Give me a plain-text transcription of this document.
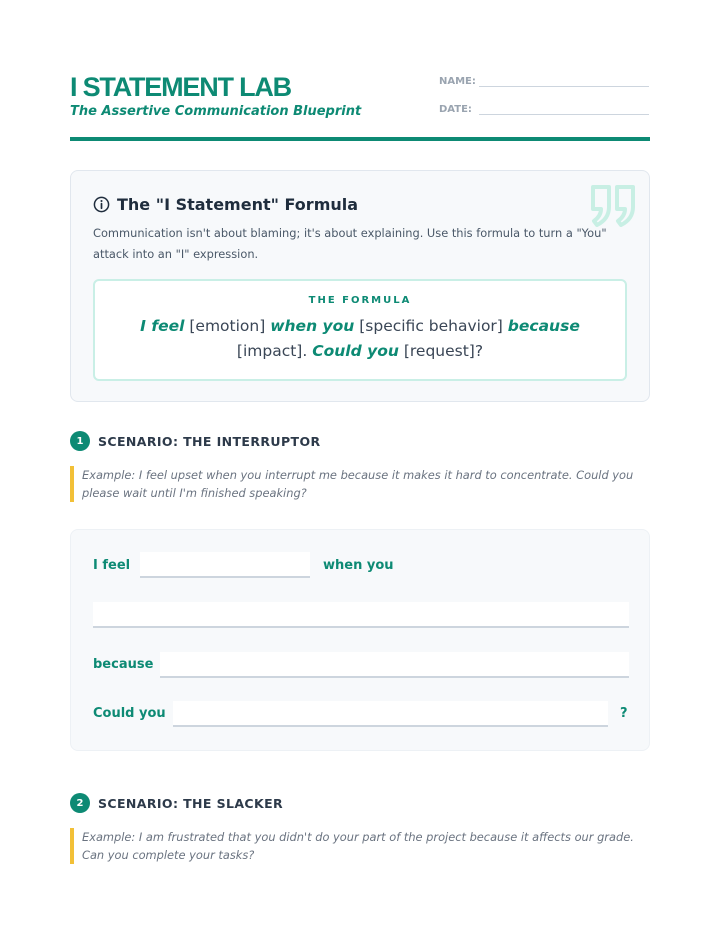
I STATEMENT LAB
The Assertive Communication Blueprint
NAME:
DATE:
The "I Statement" Formula
Communication isn't about blaming; it's about explaining. Use this formula to turn a "You" attack into an "I" expression.
THE FORMULA
I feel [emotion] when you [specific behavior] because
[impact]. Could you [request]?
1	SCENARIO: THE INTERRUPTOR
Example: I feel upset when you interrupt me because it makes it hard to concentrate. Could you please wait until I'm finished speaking?
I feel	when you
because
Could you	?
2	SCENARIO: THE SLACKER
Example: I am frustrated that you didn't do your part of the project because it affects our grade. Can you complete your tasks?
